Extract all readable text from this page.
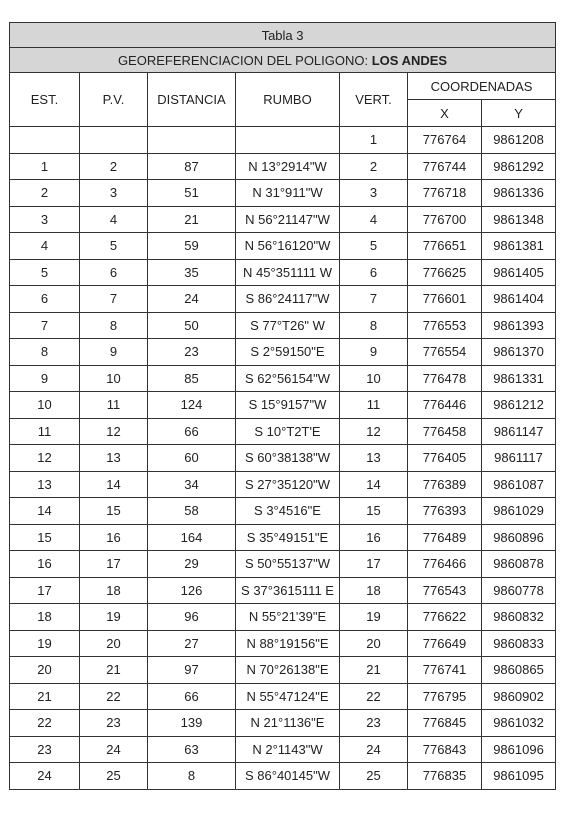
Tabla 3						
GEOREFERENCIACION DEL POLIGONO: LOS ANDES						
EST.	P.V.	DISTANCIA	RUMBO	VERT.	COORDENADAS	
					X	Y
				1	776764	9861208
1	2	87	N 13°2914"W	2	776744	9861292
2	3	51	N 31°911"W	3	776718	9861336
3	4	21	N 56°21147"W	4	776700	9861348
4	5	59	N 56°16120"W	5	776651	9861381
5	6	35	N 45°351111 W	6	776625	9861405
6	7	24	S 86°24117"W	7	776601	9861404
7	8	50	S 77°T26" W	8	776553	9861393
8	9	23	S 2°59150"E	9	776554	9861370
9	10	85	S 62°56154"W	10	776478	9861331
10	11	124	S 15°9157"W	11	776446	9861212
11	12	66	S 10°T2T'E	12	776458	9861147
12	13	60	S 60°38138"W	13	776405	9861117
13	14	34	S 27°35120"W	14	776389	9861087
14	15	58	S 3°4516"E	15	776393	9861029
15	16	164	S 35°49151"E	16	776489	9860896
16	17	29	S 50°55137"W	17	776466	9860878
17	18	126	S 37°3615111 E	18	776543	9860778
18	19	96	N 55°21'39"E	19	776622	9860832
19	20	27	N 88°19156"E	20	776649	9860833
20	21	97	N 70°26138"E	21	776741	9860865
21	22	66	N 55°47124"E	22	776795	9860902
22	23	139	N 21°1136"E	23	776845	9861032
23	24	63	N 2°1143"W	24	776843	9861096
24	25	8	S 86°40145"W	25	776835	9861095
